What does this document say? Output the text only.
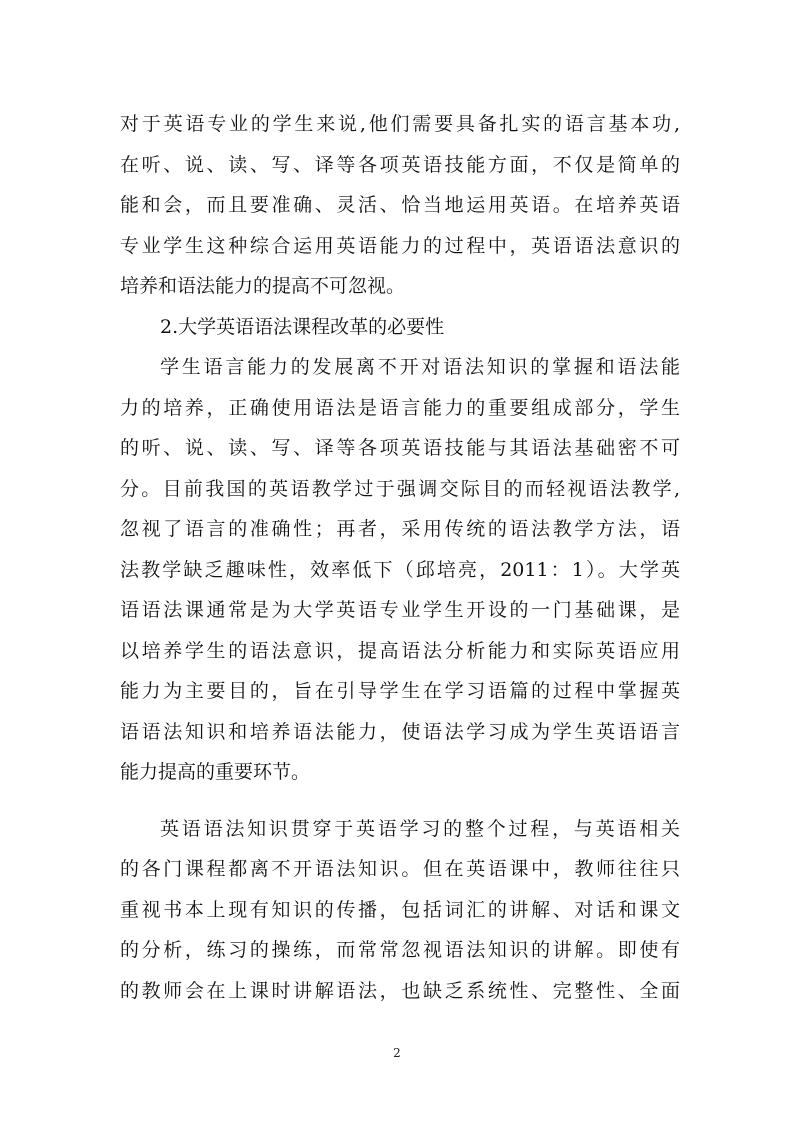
对于英语专业的学生来说,他们需要具备扎实的语言基本功,
在听、说、读、写、译等各项英语技能方面，不仅是简单的
能和会，而且要准确、灵活、恰当地运用英语。在培养英语
专业学生这种综合运用英语能力的过程中，英语语法意识的
培养和语法能力的提高不可忽视。
2.大学英语语法课程改革的必要性
学生语言能力的发展离不开对语法知识的掌握和语法能
力的培养，正确使用语法是语言能力的重要组成部分，学生
的听、说、读、写、译等各项英语技能与其语法基础密不可
分。目前我国的英语教学过于强调交际目的而轻视语法教学,
忽视了语言的准确性；再者，采用传统的语法教学方法，语
法教学缺乏趣味性，效率低下（邱培亮，2011：1）。大学英
语语法课通常是为大学英语专业学生开设的一门基础课，是
以培养学生的语法意识，提高语法分析能力和实际英语应用
能力为主要目的，旨在引导学生在学习语篇的过程中掌握英
语语法知识和培养语法能力，使语法学习成为学生英语语言
能力提高的重要环节。
英语语法知识贯穿于英语学习的整个过程，与英语相关
的各门课程都离不开语法知识。但在英语课中，教师往往只
重视书本上现有知识的传播，包括词汇的讲解、对话和课文
的分析，练习的操练，而常常忽视语法知识的讲解。即使有
的教师会在上课时讲解语法，也缺乏系统性、完整性、全面
2
